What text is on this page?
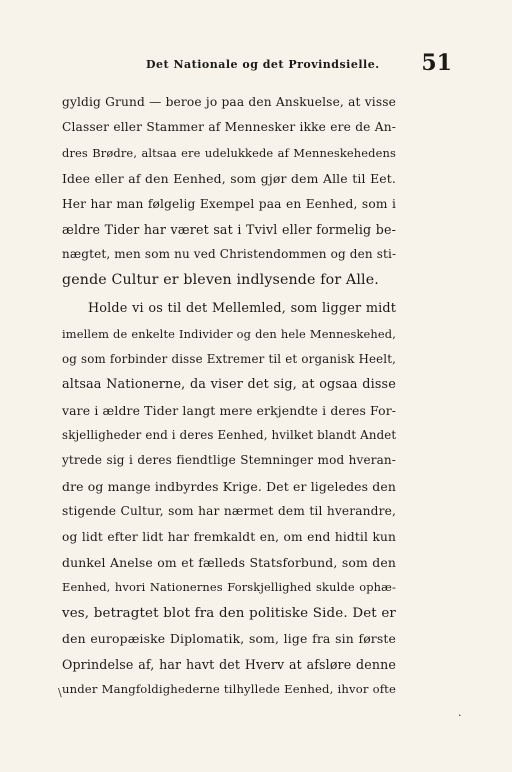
Det Nationale og det Provindsielle. 51
gyldig Grund — beroe jo paa den Anskuelse, at visse
Classer eller Stammer af Mennesker ikke ere de An-
dres Brødre, altsaa ere udelukkede af Menneskehedens
Idee eller af den Eenhed, som gjør dem Alle til Eet.
Her har man følgelig Exempel paa en Eenhed, som i
ældre Tider har været sat i Tvivl eller formelig be-
nægtet, men som nu ved Christendommen og den sti-
gende Cultur er bleven indlysende for Alle.
Holde vi os til det Mellemled, som ligger midt
imellem de enkelte Individer og den hele Menneskehed,
og som forbinder disse Extremer til et organisk Heelt,
altsaa Nationerne, da viser det sig, at ogsaa disse
vare i ældre Tider langt mere erkjendte i deres For-
skjelligheder end i deres Eenhed, hvilket blandt Andet
ytrede sig i deres fiendtlige Stemninger mod hveran-
dre og mange indbyrdes Krige. Det er ligeledes den
stigende Cultur, som har nærmet dem til hverandre,
og lidt efter lidt har fremkaldt en, om end hidtil kun
dunkel Anelse om et fælleds Statsforbund, som den
Eenhed, hvori Nationernes Forskjellighed skulde ophæ-
ves, betragtet blot fra den politiske Side. Det er
den europæiske Diplomatik, som, lige fra sin første
Oprindelse af, har havt det Hverv at afsløre denne
under Mangfoldighederne tilhyllede Eenhed, ihvor ofte
\
.
